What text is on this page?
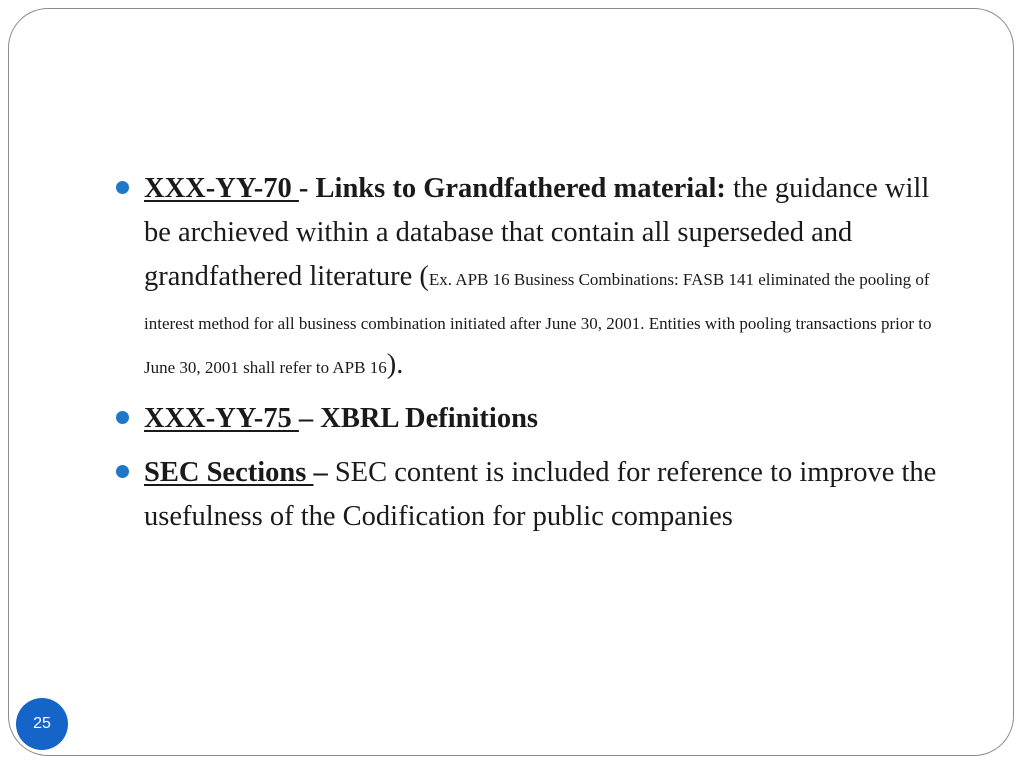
XXX-YY-70 - Links to Grandfathered material: the guidance will be archieved within a database that contain all superseded and grandfathered literature (Ex. APB 16 Business Combinations: FASB 141 eliminated the pooling of interest method for all business combination initiated after June 30, 2001. Entities with pooling transactions prior to June 30, 2001 shall refer to APB 16).
XXX-YY-75 – XBRL Definitions
SEC Sections – SEC content is included for reference to improve the usefulness of the Codification for public companies
25
